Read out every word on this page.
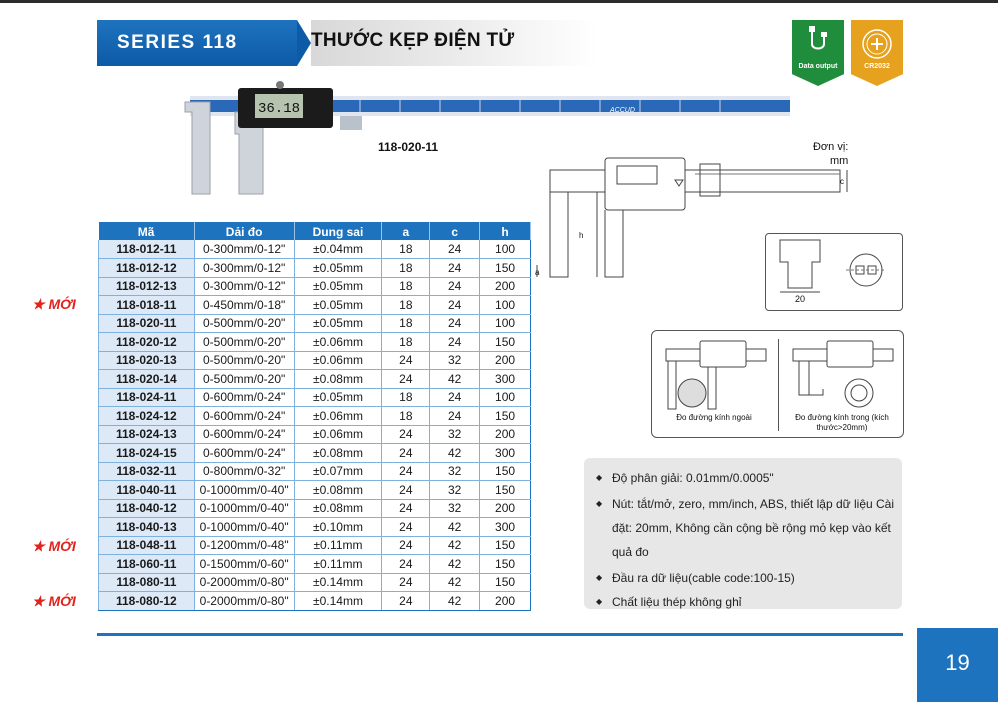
SERIES 118	THƯỚC KẸP ĐIỆN TỬ
Data output	CR2032
36.18	ACCUD
118-020-11
a
h
c
Đơn vị:
mm
20
Đo đường kính ngoài	Đo đường kính trong (kích thước>20mm)
Mã	Dải đo	Dung sai	a	c	h
118-012-11	0-300mm/0-12"	±0.04mm	18	24	100
118-012-12	0-300mm/0-12"	±0.05mm	18	24	150
118-012-13	0-300mm/0-12"	±0.05mm	18	24	200
118-018-11	0-450mm/0-18"	±0.05mm	18	24	100
118-020-11	0-500mm/0-20"	±0.05mm	18	24	100
118-020-12	0-500mm/0-20"	±0.06mm	18	24	150
118-020-13	0-500mm/0-20"	±0.06mm	24	32	200
118-020-14	0-500mm/0-20"	±0.08mm	24	42	300
118-024-11	0-600mm/0-24"	±0.05mm	18	24	100
118-024-12	0-600mm/0-24"	±0.06mm	18	24	150
118-024-13	0-600mm/0-24"	±0.06mm	24	32	200
118-024-15	0-600mm/0-24"	±0.08mm	24	42	300
118-032-11	0-800mm/0-32"	±0.07mm	24	32	150
118-040-11	0-1000mm/0-40"	±0.08mm	24	32	150
118-040-12	0-1000mm/0-40"	±0.08mm	24	32	200
118-040-13	0-1000mm/0-40"	±0.10mm	24	42	300
118-048-11	0-1200mm/0-48"	±0.11mm	24	42	150
118-060-11	0-1500mm/0-60"	±0.11mm	24	42	150
118-080-11	0-2000mm/0-80"	±0.14mm	24	42	150
118-080-12	0-2000mm/0-80"	±0.14mm	24	42	200
★ MỚI
★ MỚI
★ MỚI
◆ Độ phân giải: 0.01mm/0.0005"
◆ Nút: tắt/mở, zero, mm/inch, ABS, thiết lập dữ liệu Cài đặt: 20mm, Không cần cộng bề rộng mỏ kẹp vào kết quả đo
◆ Đầu ra dữ liệu(cable code:100-15)
◆ Chất liệu thép không ghỉ
19
